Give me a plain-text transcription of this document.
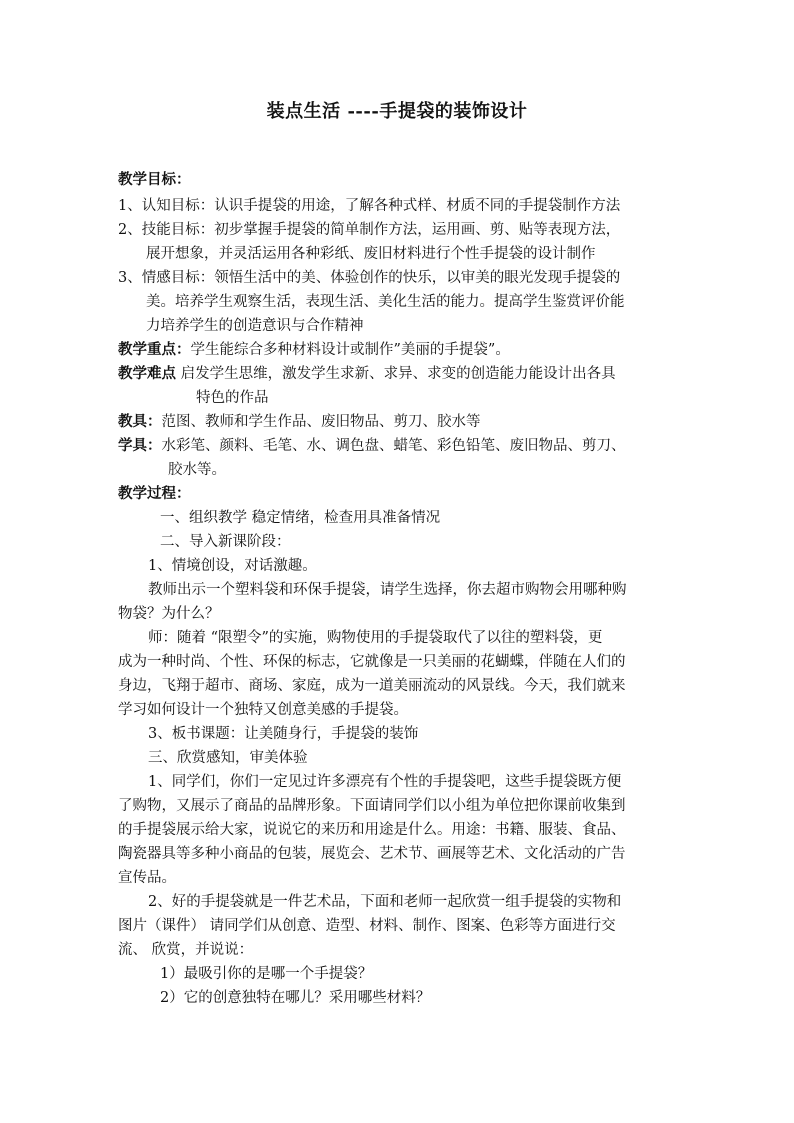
装点生活 ----手提袋的装饰设计
教学目标：
1、认知目标：认识手提袋的用途，了解各种式样、材质不同的手提袋制作方法
2、技能目标：初步掌握手提袋的简单制作方法，运用画、剪、贴等表现方法，
展开想象，并灵活运用各种彩纸、废旧材料进行个性手提袋的设计制作
3、情感目标：领悟生活中的美、体验创作的快乐，以审美的眼光发现手提袋的
美。培养学生观察生活，表现生活、美化生活的能力。提高学生鉴赏评价能
力培养学生的创造意识与合作精神
教学重点：学生能综合多种材料设计或制作”美丽的手提袋”。
教学难点 启发学生思维，激发学生求新、求异、求变的创造能力能设计出各具
特色的作品
教具：范图、教师和学生作品、废旧物品、剪刀、胶水等
学具：水彩笔、颜料、毛笔、水、调色盘、蜡笔、彩色铅笔、废旧物品、剪刀、
胶水等。
教学过程：
一、组织教学 稳定情绪，检查用具准备情况
二、导入新课阶段：
1、情境创设，对话激趣。
教师出示一个塑料袋和环保手提袋，请学生选择，你去超市购物会用哪种购
物袋？为什么？
师：随着 “限塑令”的实施，购物使用的手提袋取代了以往的塑料袋，更
成为一种时尚、个性、环保的标志，它就像是一只美丽的花蝴蝶，伴随在人们的
身边，飞翔于超市、商场、家庭，成为一道美丽流动的风景线。今天，我们就来
学习如何设计一个独特又创意美感的手提袋。
3、板书课题：让美随身行，手提袋的装饰
三、欣赏感知，审美体验
1、同学们，你们一定见过许多漂亮有个性的手提袋吧，这些手提袋既方便
了购物，又展示了商品的品牌形象。下面请同学们以小组为单位把你课前收集到
的手提袋展示给大家，说说它的来历和用途是什么。用途：书籍、服装、食品、
陶瓷器具等多种小商品的包装，展览会、艺术节、画展等艺术、文化活动的广告
宣传品。
2、好的手提袋就是一件艺术品，下面和老师一起欣赏一组手提袋的实物和
图片（课件） 请同学们从创意、造型、材料、制作、图案、色彩等方面进行交
流、 欣赏，并说说：
1）最吸引你的是哪一个手提袋？
2）它的创意独特在哪儿？采用哪些材料？
